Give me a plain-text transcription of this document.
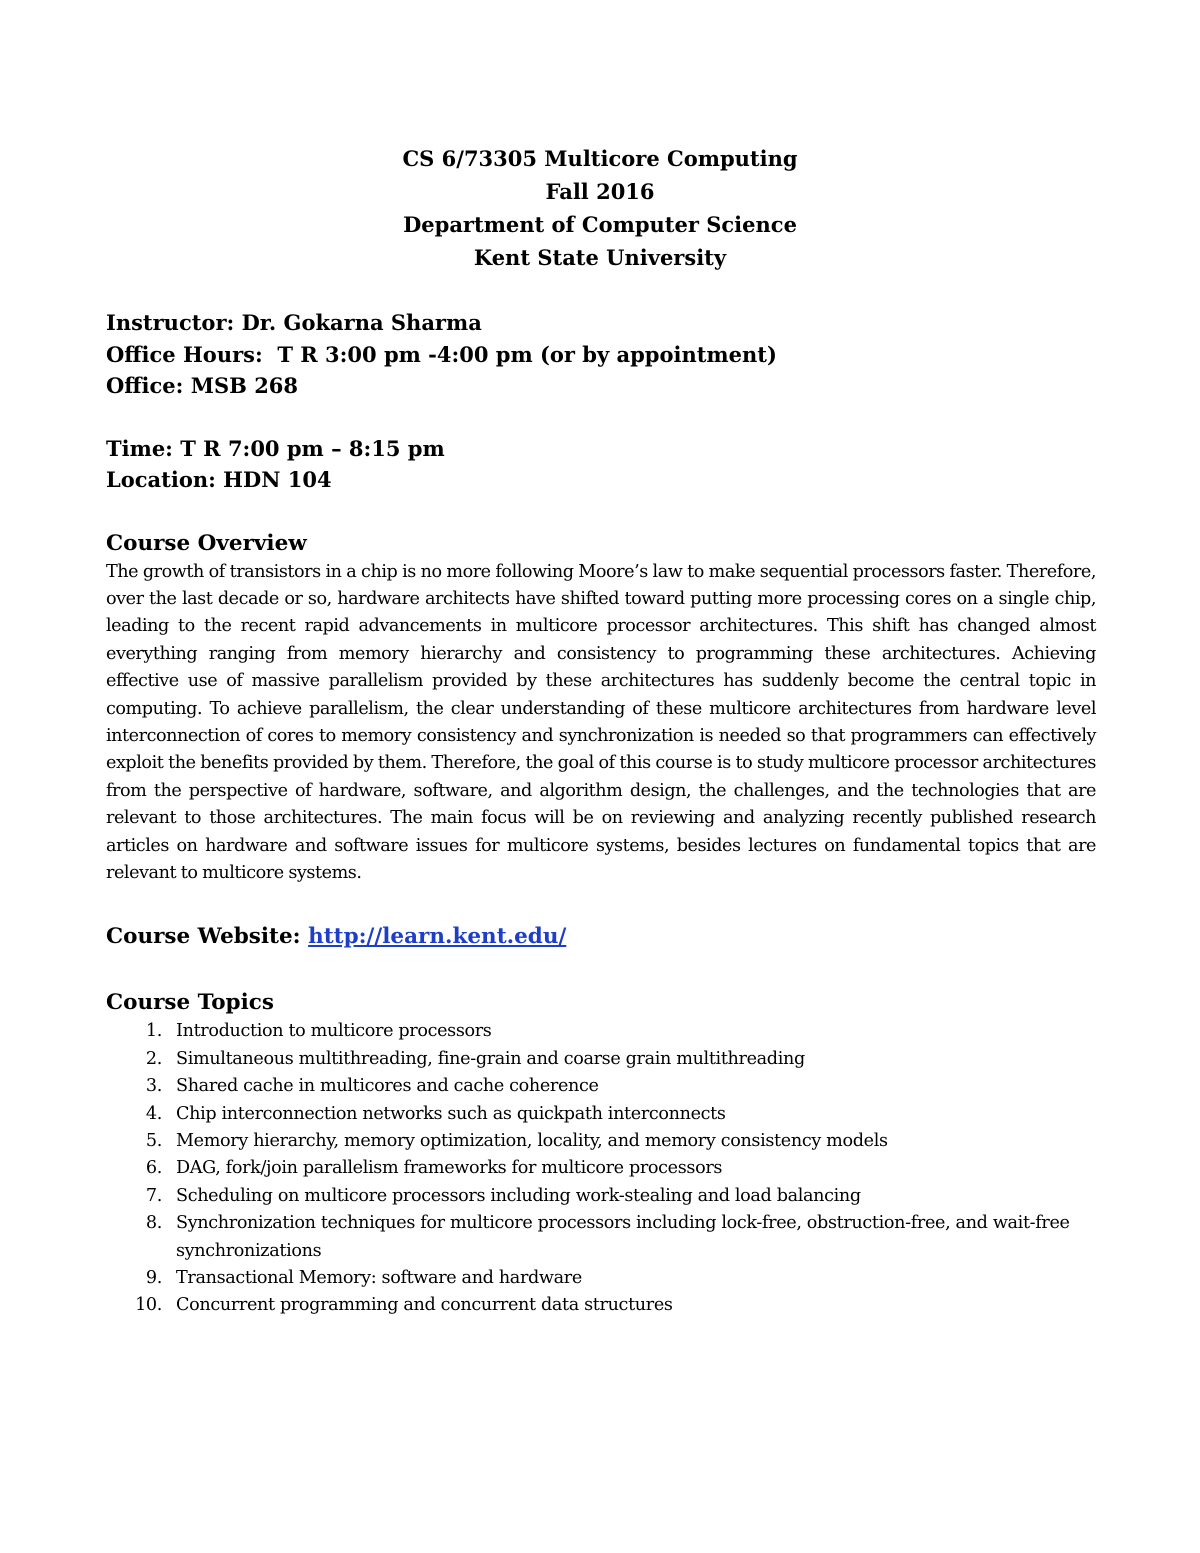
CS 6/73305 Multicore Computing
Fall 2016
Department of Computer Science
Kent State University
Instructor: Dr. Gokarna Sharma
Office Hours:  T R 3:00 pm -4:00 pm (or by appointment)
Office: MSB 268
Time: T R 7:00 pm – 8:15 pm
Location: HDN 104
Course Overview
The growth of transistors in a chip is no more following Moore’s law to make sequential processors faster. Therefore, over the last decade or so, hardware architects have shifted toward putting more processing cores on a single chip, leading to the recent rapid advancements in multicore processor architectures. This shift has changed almost everything ranging from memory hierarchy and consistency to programming these architectures. Achieving effective use of massive parallelism provided by these architectures has suddenly become the central topic in computing. To achieve parallelism, the clear understanding of these multicore architectures from hardware level interconnection of cores to memory consistency and synchronization is needed so that programmers can effectively exploit the benefits provided by them. Therefore, the goal of this course is to study multicore processor architectures from the perspective of hardware, software, and algorithm design, the challenges, and the technologies that are relevant to those architectures. The main focus will be on reviewing and analyzing recently published research articles on hardware and software issues for multicore systems, besides lectures on fundamental topics that are relevant to multicore systems.
Course Website: http://learn.kent.edu/
Course Topics
1. Introduction to multicore processors
2. Simultaneous multithreading, fine-grain and coarse grain multithreading
3. Shared cache in multicores and cache coherence
4. Chip interconnection networks such as quickpath interconnects
5. Memory hierarchy, memory optimization, locality, and memory consistency models
6. DAG, fork/join parallelism frameworks for multicore processors
7. Scheduling on multicore processors including work-stealing and load balancing
8. Synchronization techniques for multicore processors including lock-free, obstruction-free, and wait-free synchronizations
9. Transactional Memory: software and hardware
10. Concurrent programming and concurrent data structures
